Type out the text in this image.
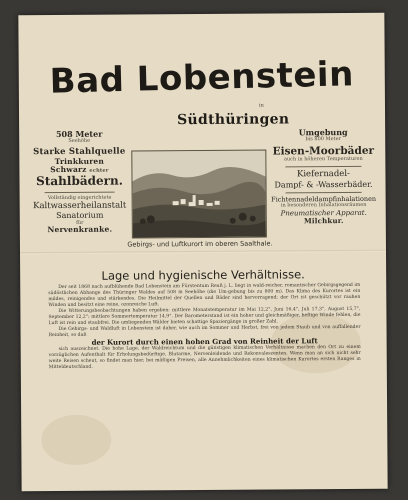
Bad Lobenstein
in
Südthüringen
508 Meter
Seehöhe
Starke Stahlquelle
Trinkkuren
Schwarz echter
Stahlbädern.
Vollständig eingerichtete
Kaltwasserheilanstalt
Sanatorium
für
Nervenkranke.
Gebirgs- und Luftkurort im oberen Saalthale.
Umgebung
bis 800 Meter
Eisen-Moorbäder
auch in höheren Temperaturen
Kiefernadel-
Dampf- & -Wasserbäder.
Fichtennadeldampfinhalationen
in besonderen Inhalationsräumen
Pneumatischer Apparat.
Milchkur.
Lage und hygienische Verhältnisse.

Der seit 1868 nach aufblühende Bad Lobenstein am Fürstentum Reuß j. L. liegt in wald-reicher, romantischer Gebirgsgegend im südöstlichen Abhange des Thüringer Waldes auf 508 m Seehöhe (die Um-gebung bis zu 800 m). Das Klima des Kurortes ist ein mildes, reinigendes und stärkendes. Die Heilmittel der Quellen und Bäder sind hervorragend; der Ort ist geschützt vor rauhen Winden und besitzt eine reine, ozonreiche Luft.

Die Witterungsbeobachtungen haben ergeben: mittlere Monatstemperatur im Mai 12,2°, Juni 16,4°, Juli 17,3°, August 15,7°, September 12,2°; mittlere Sommertemperatur 14,9°. Der Barometerstand ist ein hoher und gleichmäßiger, heftige Winde fehlen, die Luft ist rein und staubfrei. Die umliegenden Wälder bieten schattige Spaziergänge in großer Zahl.

Die Gebirgs- und Waldluft in Lobenstein ist daher, wie auch im Sommer und Herbst, frei von jedem Staub und von auffallender Reinheit, so daß

der Kurort durch einen hohen Grad von Reinheit der Luft

sich auszeichnet. Die hohe Lage, der Waldreichtum und die günstigen klimatischen Verhältnisse machen den Ort zu einem vorzüglichen Aufenthalt für Erholungsbedürftige, Blutarme, Nervenleidende und Rekonvaleszenten. Wenn man an sich nicht sehr weite Reisen scheut, so findet man hier, bei mäßigen Preisen, alle Annehmlichkeiten eines klimatischen Kurortes ersten Ranges in Mitteldeutschland.
